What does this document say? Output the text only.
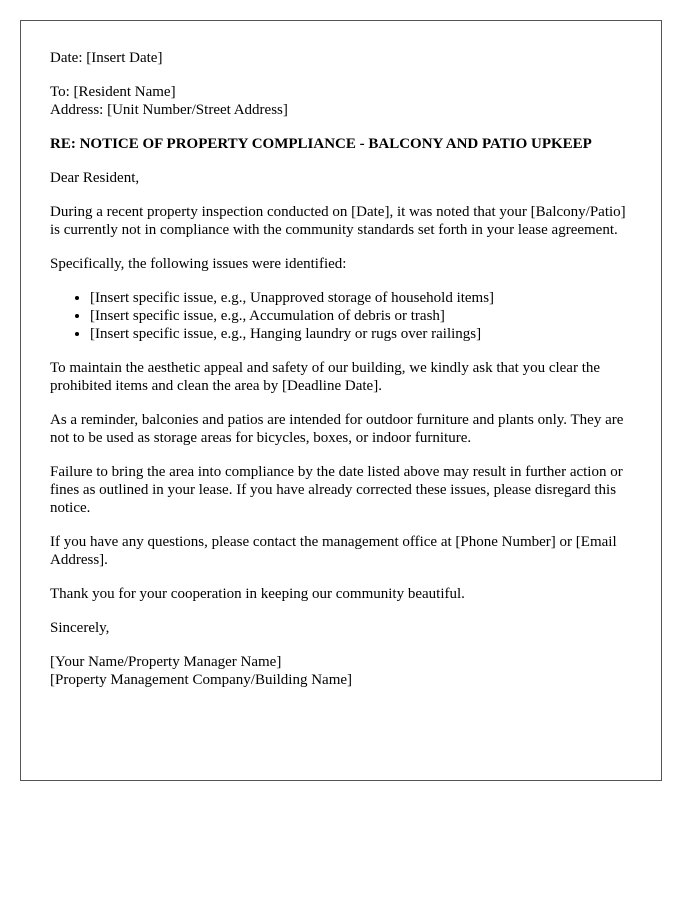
Date: [Insert Date]

To: [Resident Name]
Address: [Unit Number/Street Address]

RE: NOTICE OF PROPERTY COMPLIANCE - BALCONY AND PATIO UPKEEP

Dear Resident,

During a recent property inspection conducted on [Date], it was noted that your [Balcony/Patio] is currently not in compliance with the community standards set forth in your lease agreement.

Specifically, the following issues were identified:

• [Insert specific issue, e.g., Unapproved storage of household items]
• [Insert specific issue, e.g., Accumulation of debris or trash]
• [Insert specific issue, e.g., Hanging laundry or rugs over railings]

To maintain the aesthetic appeal and safety of our building, we kindly ask that you clear the prohibited items and clean the area by [Deadline Date].

As a reminder, balconies and patios are intended for outdoor furniture and plants only. They are not to be used as storage areas for bicycles, boxes, or indoor furniture.

Failure to bring the area into compliance by the date listed above may result in further action or fines as outlined in your lease. If you have already corrected these issues, please disregard this notice.

If you have any questions, please contact the management office at [Phone Number] or [Email Address].

Thank you for your cooperation in keeping our community beautiful.

Sincerely,

[Your Name/Property Manager Name]
[Property Management Company/Building Name]
